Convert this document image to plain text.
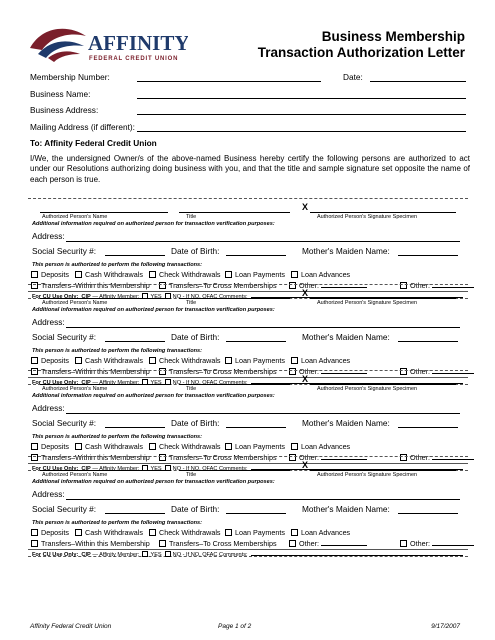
AFFINITY
FEDERAL CREDIT UNION
Business Membership
Transaction Authorization Letter
Membership Number:	Date:
Business Name:
Business Address:
Mailing Address (if different):
To: Affinity Federal Credit Union
I/We, the undersigned Owner/s of the above-named Business hereby certify the following persons are authorized to act under our Resolutions authorizing doing business with you, and that the title and sample signature set opposite the name of each person is true.
X
Authorized Person's Name	Title	Authorized Person's Signature Specimen
Additional information required on authorized person for transaction verification purposes:
Address:
Social Security #:	Date of Birth:	Mother's Maiden Name:
This person is authorized to perform the following transactions:
Deposits	Cash Withdrawals	Check Withdrawals	Loan Payments	Loan Advances
Transfers–Within this Membership	Transfers–To Cross Memberships	Other:	Other:
For CU Use Only: CIP — Affinity Member: YES NO - If NO, OFAC Comments:	X
Authorized Person's Name	Title	Authorized Person's Signature Specimen
Additional information required on authorized person for transaction verification purposes:
Address:
Social Security #:	Date of Birth:	Mother's Maiden Name:
This person is authorized to perform the following transactions:
Deposits	Cash Withdrawals	Check Withdrawals	Loan Payments	Loan Advances
Transfers–Within this Membership	Transfers–To Cross Memberships	Other:	Other:
For CU Use Only: CIP — Affinity Member: YES NO - If NO, OFAC Comments:	X
Authorized Person's Name	Title	Authorized Person's Signature Specimen
Additional information required on authorized person for transaction verification purposes:
Address:
Social Security #:	Date of Birth:	Mother's Maiden Name:
This person is authorized to perform the following transactions:
Deposits	Cash Withdrawals	Check Withdrawals	Loan Payments	Loan Advances
Transfers–Within this Membership	Transfers–To Cross Memberships	Other:	Other:
For CU Use Only: CIP — Affinity Member: YES NO - If NO, OFAC Comments:	X
Authorized Person's Name	Title	Authorized Person's Signature Specimen
Additional information required on authorized person for transaction verification purposes:
Address:
Social Security #:	Date of Birth:	Mother's Maiden Name:
This person is authorized to perform the following transactions:
Deposits	Cash Withdrawals	Check Withdrawals	Loan Payments	Loan Advances
Transfers–Within this Membership	Transfers–To Cross Memberships	Other:	Other:
For CU Use Only: CIP — Affinity Member: YES NO - If NO, OFAC Comments:
Affinity Federal Credit Union	Page 1 of 2	9/17/2007
